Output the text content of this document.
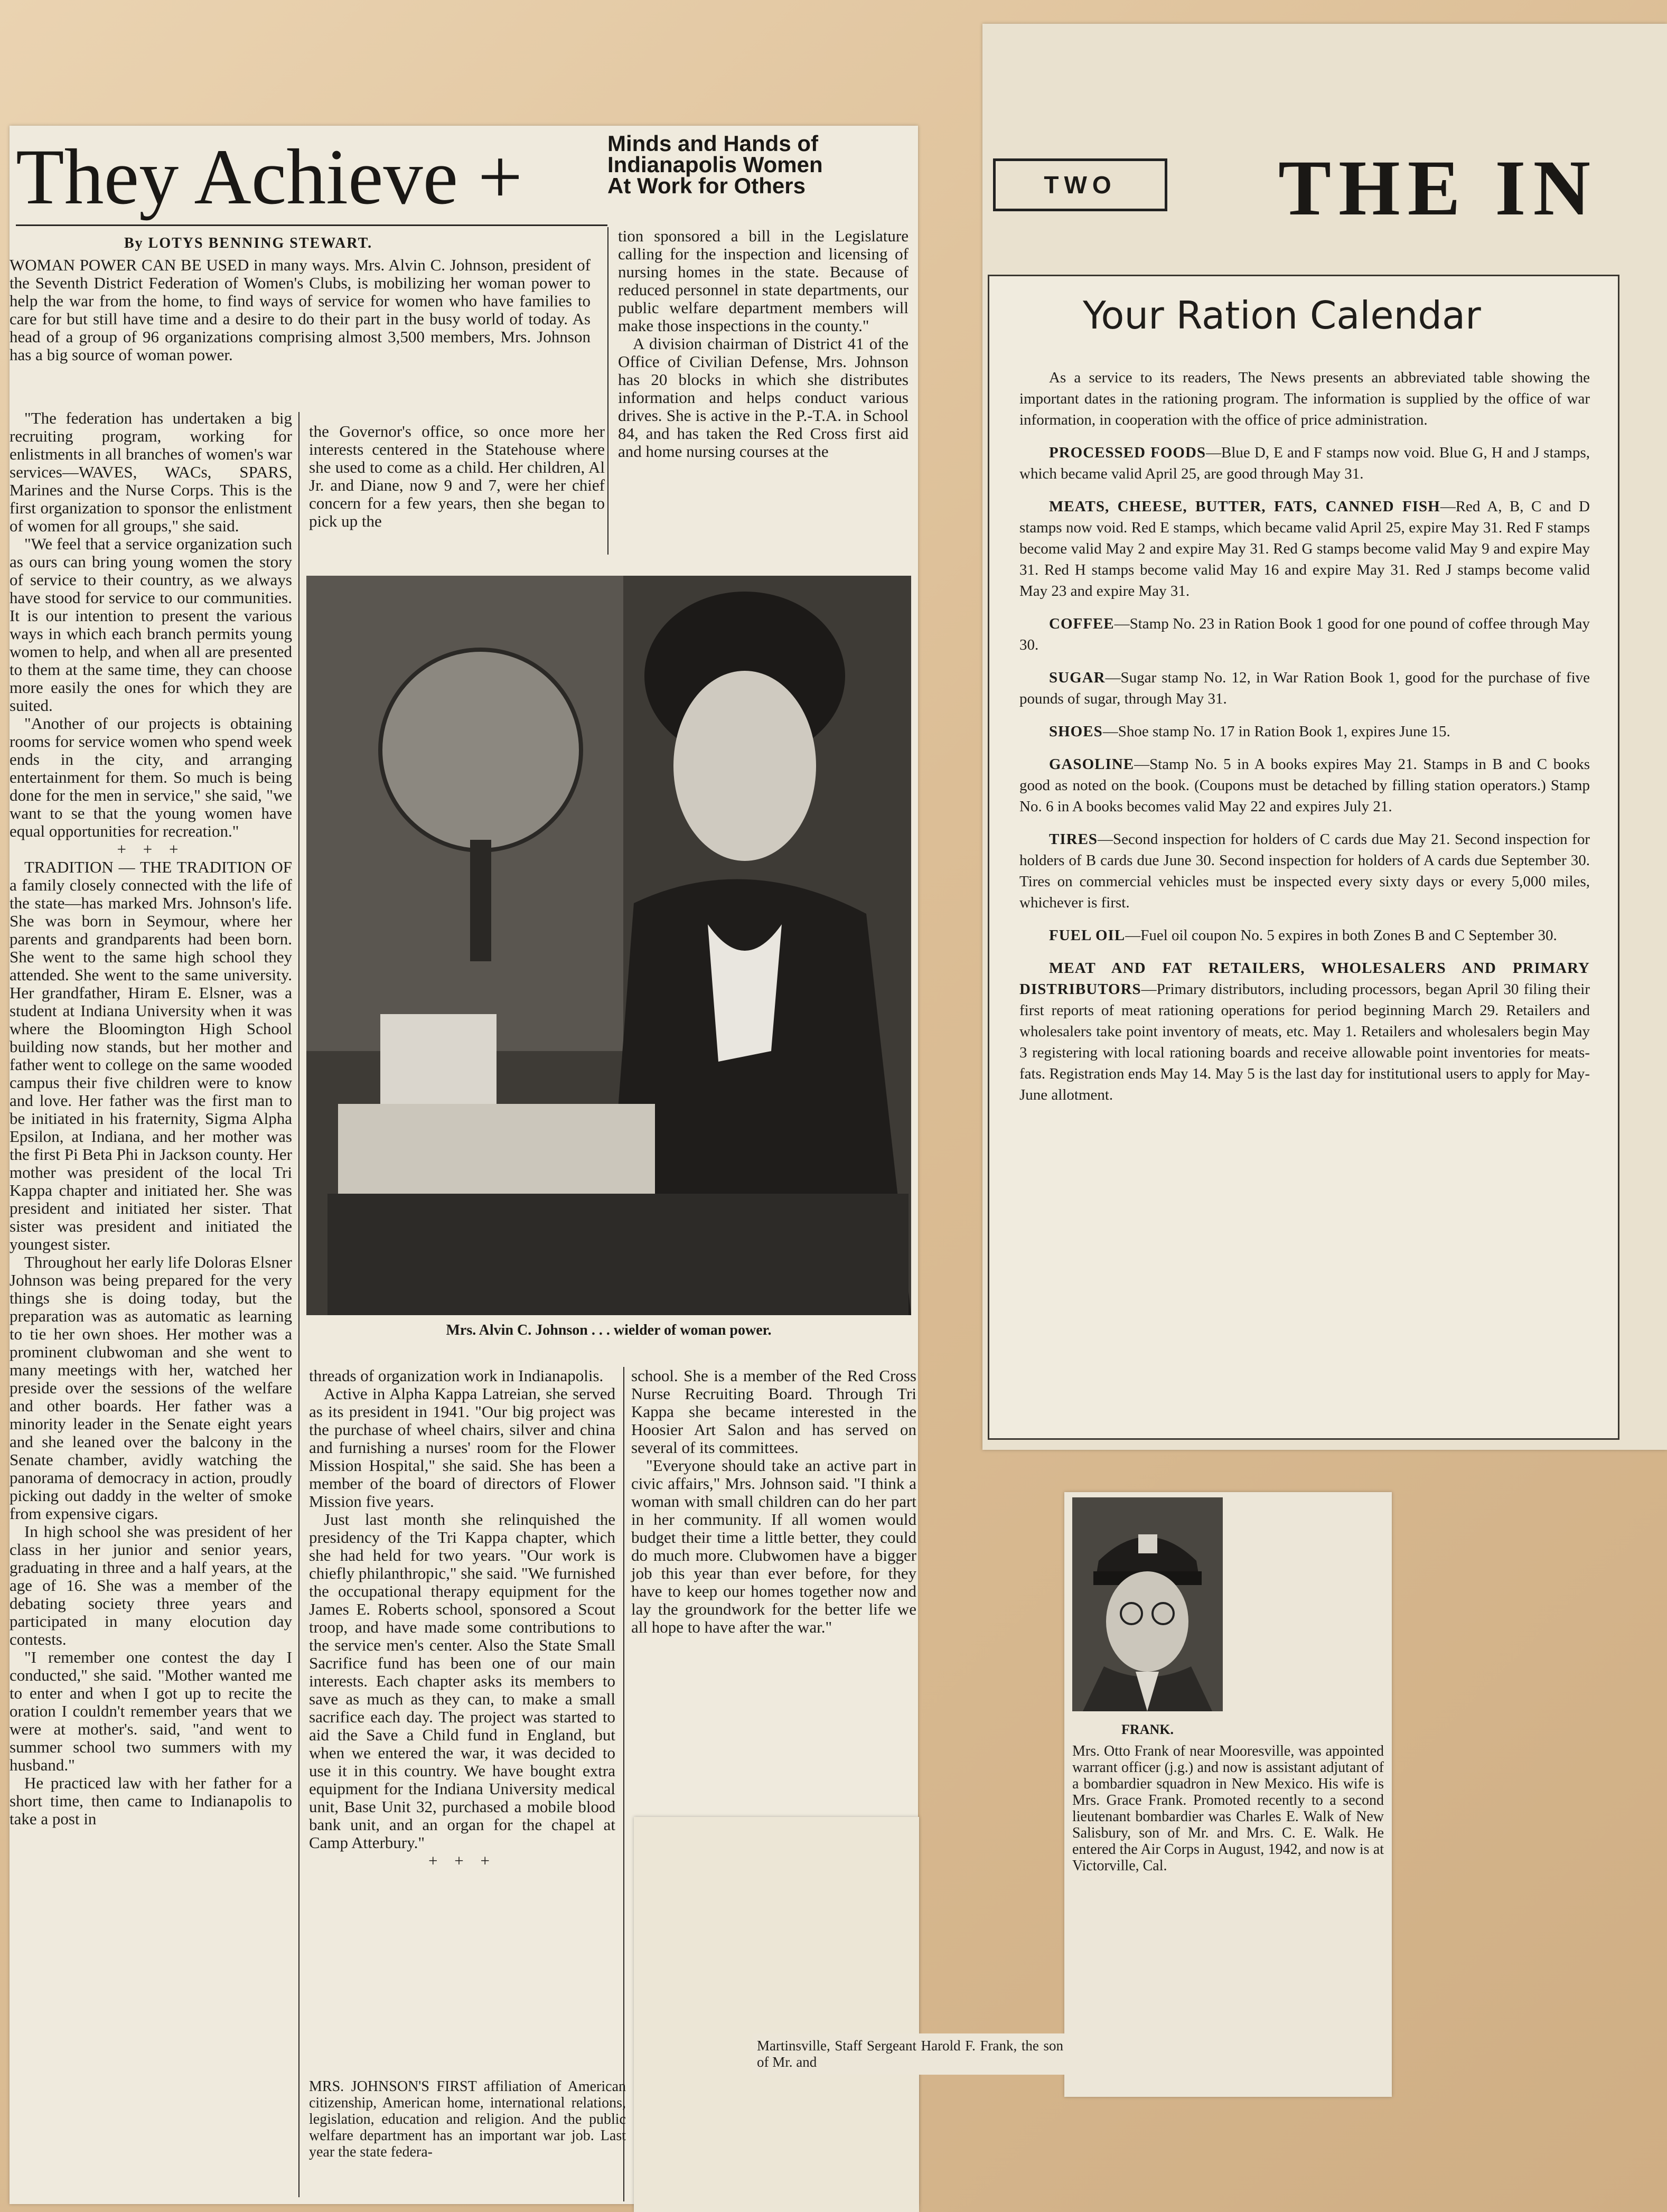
They Achieve +	Minds and Hands of
Indianapolis Women
At Work for Others
By LOTYS BENNING STEWART.
WOMAN POWER CAN BE USED in many ways. Mrs. Alvin C. Johnson, president of the Seventh District Federation of Women's Clubs, is mobilizing her woman power to help the war from the home, to find ways of service for women who have families to care for but still have time and a desire to do their part in the busy world of today. As head of a group of 96 organizations comprising almost 3,500 members, Mrs. Johnson has a big source of woman power.

"The federation has undertaken a big recruiting program, working for enlistments in all branches of women's war services—WAVES, WACs, SPARS, Marines and the Nurse Corps. This is the first organization to sponsor the enlistment of women for all groups," she said.

"We feel that a service organization such as ours can bring young women the story of service to their country, as we always have stood for service to our communities. It is our intention to present the various ways in which each branch permits young women to help, and when all are presented to them at the same time, they can choose more easily the ones for which they are suited.

"Another of our projects is obtaining rooms for service women who spend week ends in the city, and arranging entertainment for them. So much is being done for the men in service," she said, "we want to se that the young women have equal opportunities for recreation."

+ + +

TRADITION — THE TRADITION OF a family closely connected with the life of the state—has marked Mrs. Johnson's life. She was born in Seymour, where her parents and grandparents had been born. She went to the same high school they attended. She went to the same university. Her grandfather, Hiram E. Elsner, was a student at Indiana University when it was where the Bloomington High School building now stands, but her mother and father went to college on the same wooded campus their five children were to know and love. Her father was the first man to be initiated in his fraternity, Sigma Alpha Epsilon, at Indiana, and her mother was the first Pi Beta Phi in Jackson county. Her mother was president of the local Tri Kappa chapter and initiated her. She was president and initiated her sister. That sister was president and initiated the youngest sister.

Throughout her early life Doloras Elsner Johnson was being prepared for the very things she is doing today, but the preparation was as automatic as learning to tie her own shoes. Her mother was a prominent clubwoman and she went to many meetings with her, watched her preside over the sessions of the welfare and other boards. Her father was a minority leader in the Senate eight years and she leaned over the balcony in the Senate chamber, avidly watching the panorama of democracy in action, proudly picking out daddy in the welter of smoke from expensive cigars.

In high school she was president of her class in her junior and senior years, graduating in three and a half years, at the age of 16. She was a member of the debating society three years and participated in many elocution day contests.

"I remember one contest the day I conducted," she said. "Mother wanted me to enter and when I got up to recite the oration I couldn't remember years that we were at mother's. said, "and went to summer school two summers with my husband."

He practiced law with her father for a short time, then came to Indianapolis to take a post in

the Governor's office, so once more her interests centered in the Statehouse where she used to come as a child. Her children, Al Jr. and Diane, now 9 and 7, were her chief concern for a few years, then she began to pick up the

tion sponsored a bill in the Legislature calling for the inspection and licensing of nursing homes in the state. Because of reduced personnel in state departments, our public welfare department members will make those inspections in the county."

A division chairman of District 41 of the Office of Civilian Defense, Mrs. Johnson has 20 blocks in which she distributes information and helps conduct various drives. She is active in the P.-T.A. in School 84, and has taken the Red Cross first aid and home nursing courses at the

Mrs. Alvin C. Johnson . . . wielder of woman power.

threads of organization work in Indianapolis.

Active in Alpha Kappa Latreian, she served as its president in 1941. "Our big project was the purchase of wheel chairs, silver and china and furnishing a nurses' room for the Flower Mission Hospital," she said. She has been a member of the board of directors of Flower Mission five years.

Just last month she relinquished the presidency of the Tri Kappa chapter, which she had held for two years. "Our work is chiefly philanthropic," she said. "We furnished the occupational therapy equipment for the James E. Roberts school, sponsored a Scout troop, and have made some contributions to the service men's center. Also the State Small Sacrifice fund has been one of our main interests. Each chapter asks its members to save as much as they can, to make a small sacrifice each day. The project was started to aid the Save a Child fund in England, but when we entered the war, it was decided to use it in this country. We have bought extra equipment for the Indiana University medical unit, Base Unit 32, purchased a mobile blood bank unit, and an organ for the chapel at Camp Atterbury."

+ + +

school. She is a member of the Red Cross Nurse Recruiting Board. Through Tri Kappa she became interested in the Hoosier Art Salon and has served on several of its committees.

"Everyone should take an active part in civic affairs," Mrs. Johnson said. "I think a woman with small children can do her part in her community. If all women would budget their time a little better, they could do much more. Clubwomen have a bigger job this year than ever before, for they have to keep our homes together now and lay the groundwork for the better life we all hope to have after the war."

MRS. JOHNSON'S FIRST affiliation of American citizenship, American home, international relations, legislation, education and religion. And the public welfare department has an important war job. Last year the state federa-
TWO	THE IN
Your Ration Calendar

As a service to its readers, The News presents an abbreviated table showing the important dates in the rationing program. The information is supplied by the office of war information, in cooperation with the office of price administration.

PROCESSED FOODS—Blue D, E and F stamps now void. Blue G, H and J stamps, which became valid April 25, are good through May 31.

MEATS, CHEESE, BUTTER, FATS, CANNED FISH—Red A, B, C and D stamps now void. Red E stamps, which became valid April 25, expire May 31. Red F stamps become valid May 2 and expire May 31. Red G stamps become valid May 9 and expire May 31. Red H stamps become valid May 16 and expire May 31. Red J stamps become valid May 23 and expire May 31.

COFFEE—Stamp No. 23 in Ration Book 1 good for one pound of coffee through May 30.

SUGAR—Sugar stamp No. 12, in War Ration Book 1, good for the purchase of five pounds of sugar, through May 31.

SHOES—Shoe stamp No. 17 in Ration Book 1, expires June 15.

GASOLINE—Stamp No. 5 in A books expires May 21. Stamps in B and C books good as noted on the book. (Coupons must be detached by filling station operators.) Stamp No. 6 in A books becomes valid May 22 and expires July 21.

TIRES—Second inspection for holders of C cards due May 21. Second inspection for holders of B cards due June 30. Second inspection for holders of A cards due September 30. Tires on commercial vehicles must be inspected every sixty days or every 5,000 miles, whichever is first.

FUEL OIL—Fuel oil coupon No. 5 expires in both Zones B and C September 30.

MEAT AND FAT RETAILERS, WHOLESALERS AND PRIMARY DISTRIBUTORS—Primary distributors, including processors, began April 30 filing their first reports of meat rationing operations for period beginning March 29. Retailers and wholesalers take point inventory of meats, etc. May 1. Retailers and wholesalers begin May 3 registering with local rationing boards and receive allowable point inventories for meats-fats. Registration ends May 14. May 5 is the last day for institutional users to apply for May-June allotment.

FRANK.
Martinsville, Staff Sergeant Harold F. Frank, the son of Mr. and
Mrs. Otto Frank of near Mooresville, was appointed warrant officer (j.g.) and now is assistant adjutant of a bombardier squadron in New Mexico. His wife is Mrs. Grace Frank. Promoted recently to a second lieutenant bombardier was Charles E. Walk of New Salisbury, son of Mr. and Mrs. C. E. Walk. He entered the Air Corps in August, 1942, and now is at Victorville, Cal.
